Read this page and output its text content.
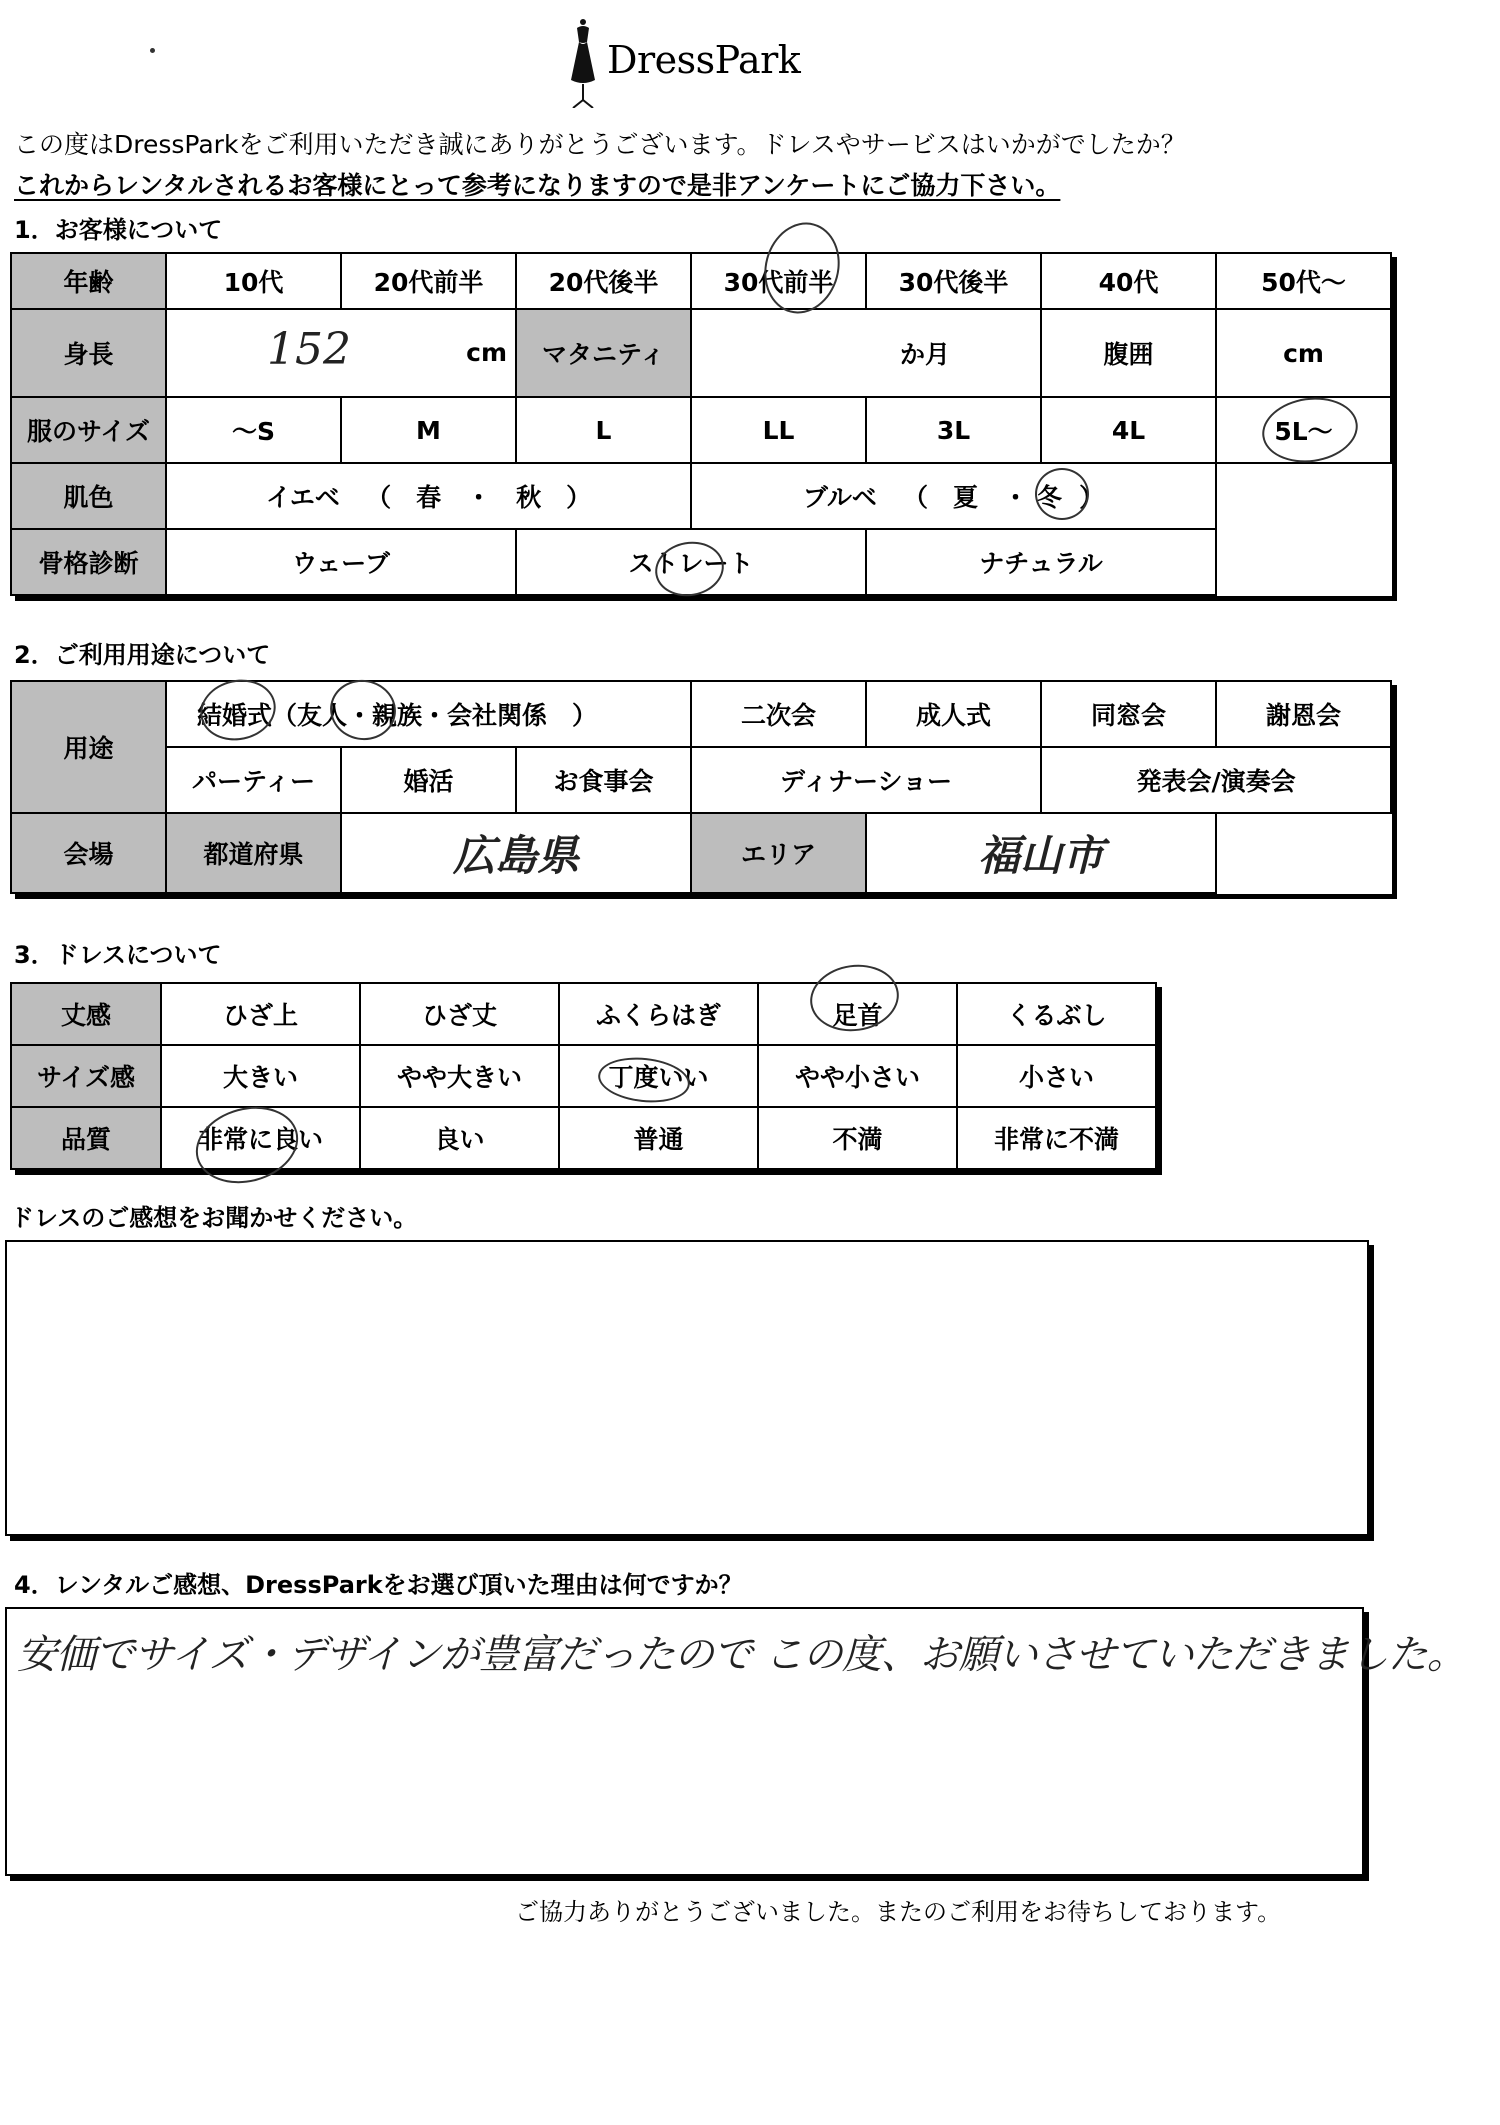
DressPark
この度はDressParkをご利用いただき誠にありがとうございます。ドレスやサービスはいかがでしたか？
これからレンタルされるお客様にとって参考になりますので是非アンケートにご協力下さい。
1．お客様について
年齢	10代	20代前半	20代後半	30代前半	30代後半	40代	50代～
身長	152 cm		マタニティ	か月		腹囲	cm
服のサイズ	～S	M	L	LL	3L	4L	5L～
肌色	イエベ （　春　・　秋　）			ブルベ （　夏　・ 冬 ）			
骨格診断	ウェーブ		ストレート		ナチュラル		
2．ご利用用途について
用途	結婚式（友人・親族・会社関係　）			二次会	成人式	同窓会	謝恩会
	パーティー	婚活	お食事会	ディナーショー		発表会/演奏会	
会場	都道府県	広島県		エリア	福山市		
3．ドレスについて
丈感	ひざ上	ひざ丈	ふくらはぎ	足首	くるぶし
サイズ感	大きい	やや大きい	丁度いい	やや小さい	小さい
品質	非常に良い	良い	普通	不満	非常に不満
ドレスのご感想をお聞かせください。
4．レンタルご感想、DressParkをお選び頂いた理由は何ですか？
安価でサイズ・デザインが豊富だったので この度、お願いさせていただきました。
ご協力ありがとうございました。またのご利用をお待ちしております。
